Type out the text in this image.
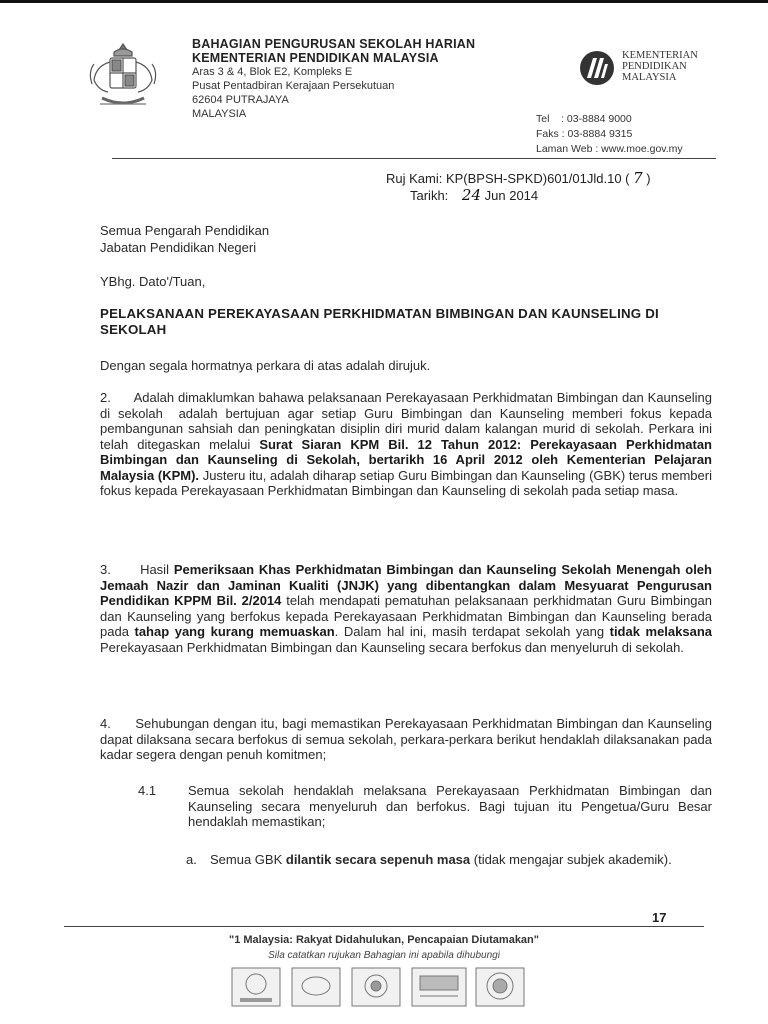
BAHAGIAN PENGURUSAN SEKOLAH HARIAN
KEMENTERIAN PENDIDIKAN MALAYSIA
Aras 3 & 4, Blok E2, Kompleks E
Pusat Pentadbiran Kerajaan Persekutuan
62604 PUTRAJAYA
MALAYSIA
KEMENTERIAN
PENDIDIKAN
MALAYSIA
Tel    : 03-8884 9000
Faks : 03-8884 9315
Laman Web : www.moe.gov.my
Ruj Kami: KP(BPSH-SPKD)601/01Jld.10 ( 7 )
Tarikh: 24 Jun 2014
Semua Pengarah Pendidikan
Jabatan Pendidikan Negeri
YBhg. Dato'/Tuan,
PELAKSANAAN PEREKAYASAAN PERKHIDMATAN BIMBINGAN DAN KAUNSELING DI SEKOLAH
Dengan segala hormatnya perkara di atas adalah dirujuk.
2.      Adalah dimaklumkan bahawa pelaksanaan Perekayasaan Perkhidmatan Bimbingan dan Kaunseling di sekolah  adalah bertujuan agar setiap Guru Bimbingan dan Kaunseling memberi fokus kepada pembangunan sahsiah dan peningkatan disiplin diri murid dalam kalangan murid di sekolah. Perkara ini telah ditegaskan melalui Surat Siaran KPM Bil. 12 Tahun 2012: Perekayasaan Perkhidmatan Bimbingan dan Kaunseling di Sekolah, bertarikh 16 April 2012 oleh Kementerian Pelajaran Malaysia (KPM). Justeru itu, adalah diharap setiap Guru Bimbingan dan Kaunseling (GBK) terus memberi fokus kepada Perekayasaan Perkhidmatan Bimbingan dan Kaunseling di sekolah pada setiap masa.
3.      Hasil Pemeriksaan Khas Perkhidmatan Bimbingan dan Kaunseling Sekolah Menengah oleh Jemaah Nazir dan Jaminan Kualiti (JNJK) yang dibentangkan dalam Mesyuarat Pengurusan Pendidikan KPPM Bil. 2/2014 telah mendapati pematuhan pelaksanaan perkhidmatan Guru Bimbingan dan Kaunseling yang berfokus kepada Perekayasaan Perkhidmatan Bimbingan dan Kaunseling berada pada tahap yang kurang memuaskan. Dalam hal ini, masih terdapat sekolah yang tidak melaksana Perekayasaan Perkhidmatan Bimbingan dan Kaunseling secara berfokus dan menyeluruh di sekolah.
4.      Sehubungan dengan itu, bagi memastikan Perekayasaan Perkhidmatan Bimbingan dan Kaunseling dapat dilaksana secara berfokus di semua sekolah, perkara-perkara berikut hendaklah dilaksanakan pada kadar segera dengan penuh komitmen;
4.1 Semua sekolah hendaklah melaksana Perekayasaan Perkhidmatan Bimbingan dan Kaunseling secara menyeluruh dan berfokus. Bagi tujuan itu Pengetua/Guru Besar hendaklah memastikan;
a. Semua GBK dilantik secara sepenuh masa (tidak mengajar subjek akademik).
17
"1 Malaysia: Rakyat Didahulukan, Pencapaian Diutamakan"
Sila catatkan rujukan Bahagian ini apabila dihubungi
